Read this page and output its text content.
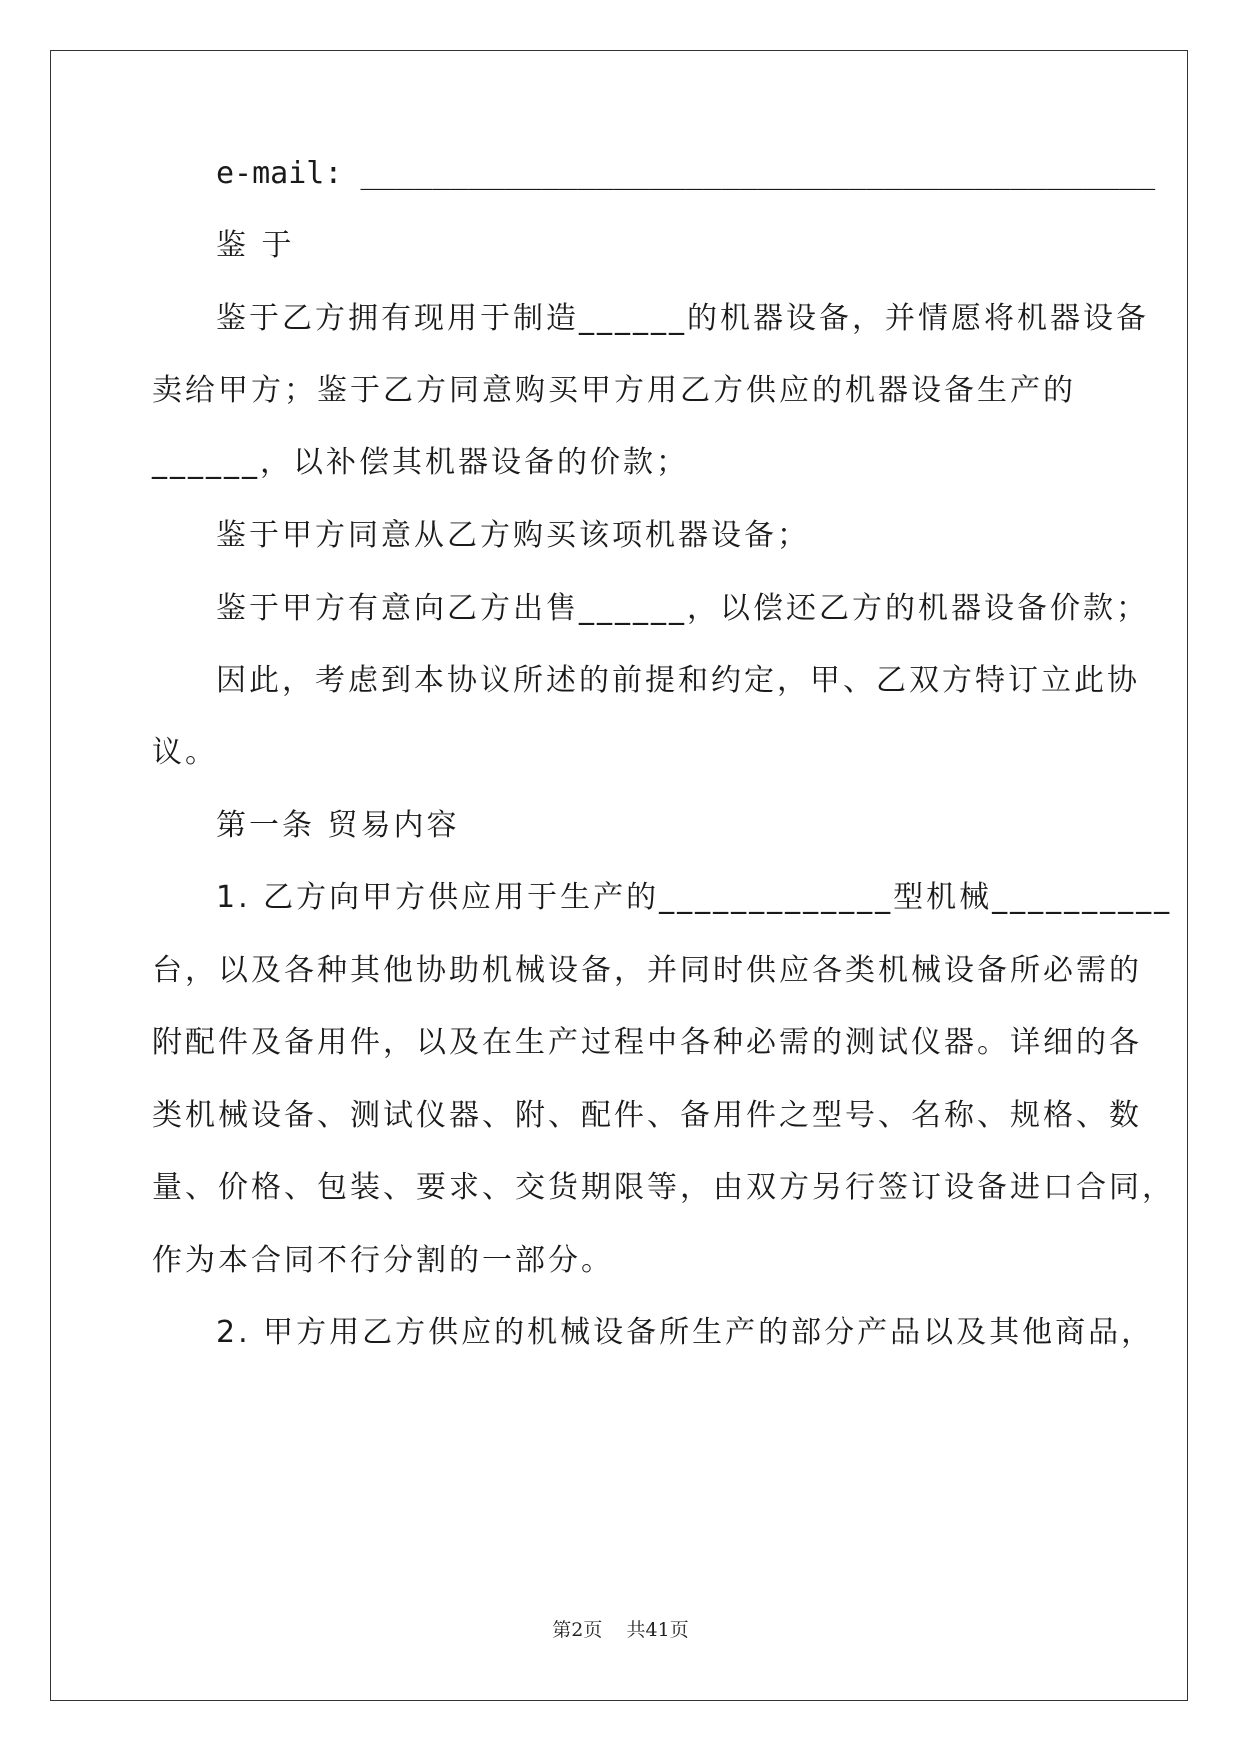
e-mail: ____________________________________________
鉴 于
鉴于乙方拥有现用于制造______的机器设备，并情愿将机器设备
卖给甲方；鉴于乙方同意购买甲方用乙方供应的机器设备生产的
______，以补偿其机器设备的价款；
鉴于甲方同意从乙方购买该项机器设备；
鉴于甲方有意向乙方出售______，以偿还乙方的机器设备价款；
因此，考虑到本协议所述的前提和约定，甲、乙双方特订立此协
议。
第一条 贸易内容
1. 乙方向甲方供应用于生产的_____________型机械__________
台，以及各种其他协助机械设备，并同时供应各类机械设备所必需的
附配件及备用件，以及在生产过程中各种必需的测试仪器。详细的各
类机械设备、测试仪器、附、配件、备用件之型号、名称、规格、数
量、价格、包装、要求、交货期限等，由双方另行签订设备进口合同，
作为本合同不行分割的一部分。
2. 甲方用乙方供应的机械设备所生产的部分产品以及其他商品，
第2页 共41页
